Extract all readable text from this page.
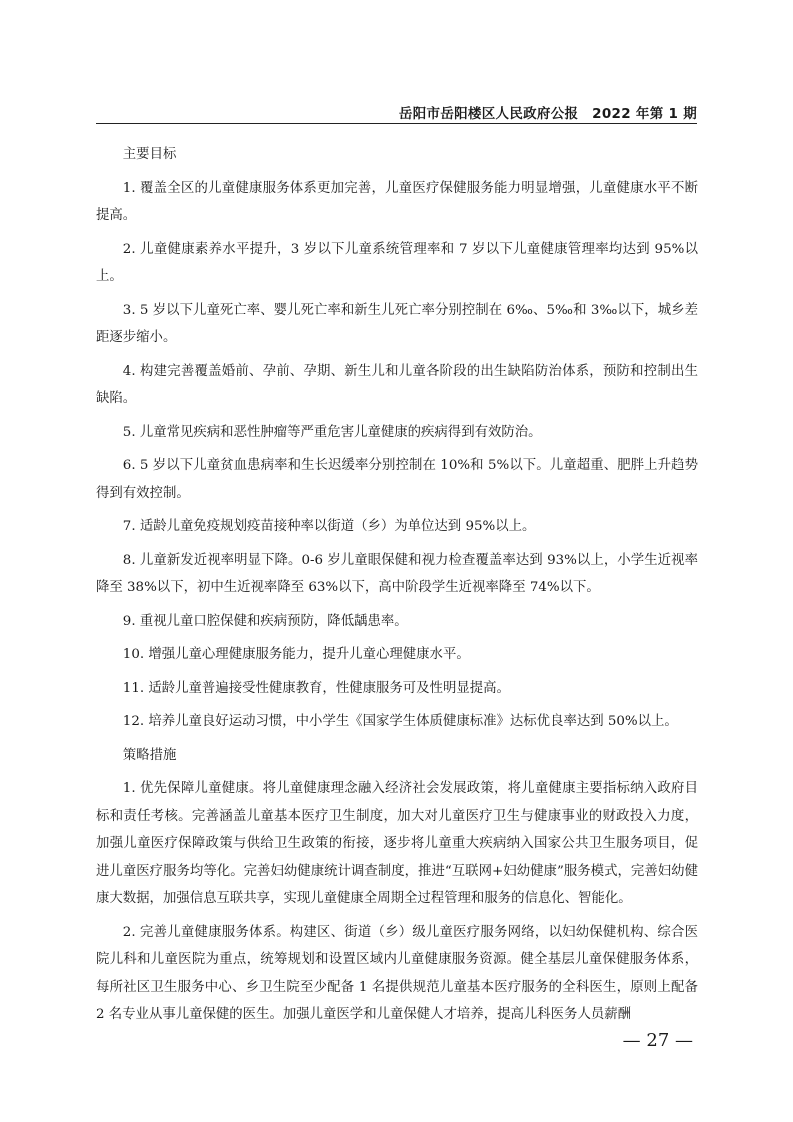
岳阳市岳阳楼区人民政府公报　2022 年第 1 期

主要目标

1. 覆盖全区的儿童健康服务体系更加完善，儿童医疗保健服务能力明显增强，儿童健康水平不断提高。

2. 儿童健康素养水平提升，3 岁以下儿童系统管理率和 7 岁以下儿童健康管理率均达到 95%以上。

3. 5 岁以下儿童死亡率、婴儿死亡率和新生儿死亡率分别控制在 6‰、5‰和 3‰以下，城乡差距逐步缩小。

4. 构建完善覆盖婚前、孕前、孕期、新生儿和儿童各阶段的出生缺陷防治体系，预防和控制出生缺陷。

5. 儿童常见疾病和恶性肿瘤等严重危害儿童健康的疾病得到有效防治。

6. 5 岁以下儿童贫血患病率和生长迟缓率分别控制在 10%和 5%以下。儿童超重、肥胖上升趋势得到有效控制。

7. 适龄儿童免疫规划疫苗接种率以街道（乡）为单位达到 95%以上。

8. 儿童新发近视率明显下降。0-6 岁儿童眼保健和视力检查覆盖率达到 93%以上，小学生近视率降至 38%以下，初中生近视率降至 63%以下，高中阶段学生近视率降至 74%以下。

9. 重视儿童口腔保健和疾病预防，降低龋患率。

10. 增强儿童心理健康服务能力，提升儿童心理健康水平。

11. 适龄儿童普遍接受性健康教育，性健康服务可及性明显提高。

12. 培养儿童良好运动习惯，中小学生《国家学生体质健康标准》达标优良率达到 50%以上。

策略措施

1. 优先保障儿童健康。将儿童健康理念融入经济社会发展政策，将儿童健康主要指标纳入政府目标和责任考核。完善涵盖儿童基本医疗卫生制度，加大对儿童医疗卫生与健康事业的财政投入力度，加强儿童医疗保障政策与供给卫生政策的衔接，逐步将儿童重大疾病纳入国家公共卫生服务项目，促进儿童医疗服务均等化。完善妇幼健康统计调查制度，推进“互联网+妇幼健康”服务模式，完善妇幼健康大数据，加强信息互联共享，实现儿童健康全周期全过程管理和服务的信息化、智能化。

2. 完善儿童健康服务体系。构建区、街道（乡）级儿童医疗服务网络，以妇幼保健机构、综合医院儿科和儿童医院为重点，统筹规划和设置区域内儿童健康服务资源。健全基层儿童保健服务体系，每所社区卫生服务中心、乡卫生院至少配备 1 名提供规范儿童基本医疗服务的全科医生，原则上配备 2 名专业从事儿童保健的医生。加强儿童医学和儿童保健人才培养，提高儿科医务人员薪酬

— 27 —
